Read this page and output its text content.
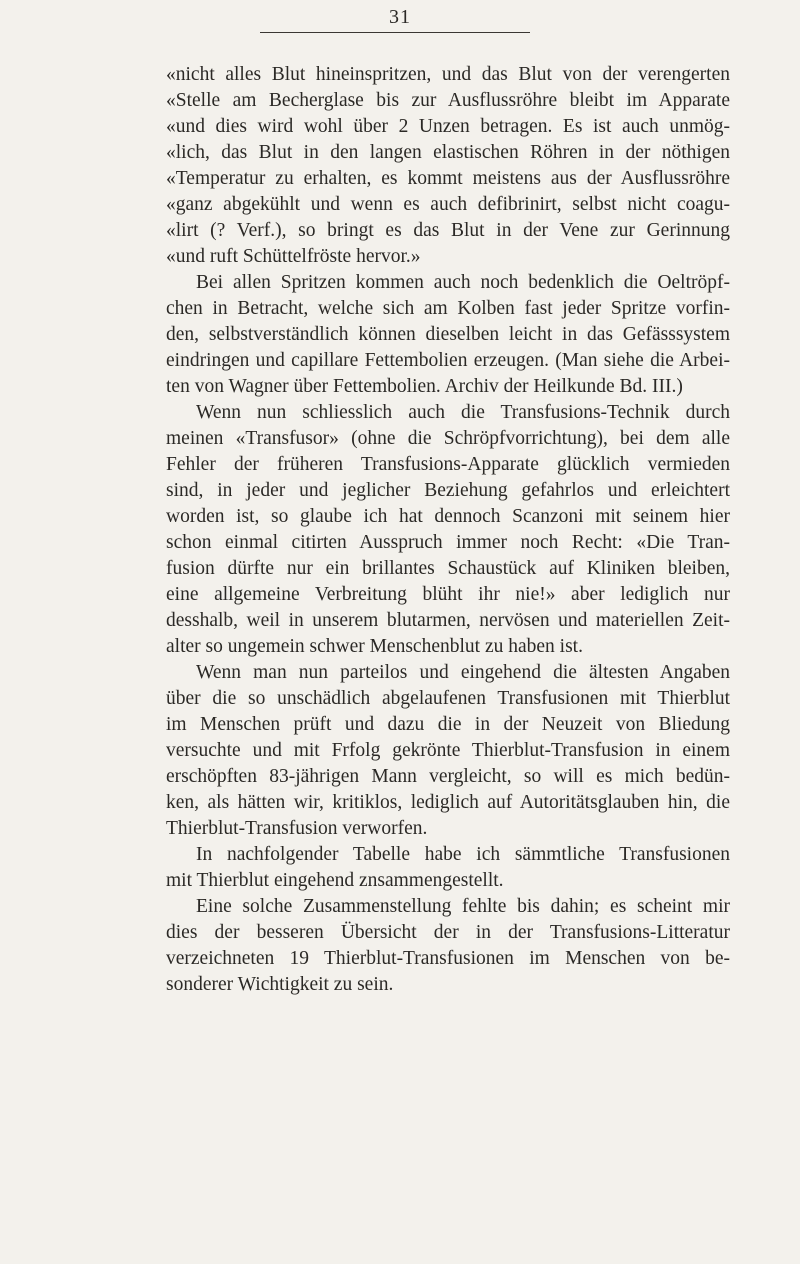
31
«nicht alles Blut hineinspritzen, und das Blut von der verengerten
«Stelle am Becherglase bis zur Ausflussröhre bleibt im Apparate
«und dies wird wohl über 2 Unzen betragen. Es ist auch unmög-
«lich, das Blut in den langen elastischen Röhren in der nöthigen
«Temperatur zu erhalten, es kommt meistens aus der Ausflussröhre
«ganz abgekühlt und wenn es auch defibrinirt, selbst nicht coagu-
«lirt (? Verf.), so bringt es das Blut in der Vene zur Gerinnung
«und ruft Schüttelfröste hervor.»
Bei allen Spritzen kommen auch noch bedenklich die Oeltröpf-
chen in Betracht, welche sich am Kolben fast jeder Spritze vorfin-
den, selbstverständlich können dieselben leicht in das Gefässsystem
eindringen und capillare Fettembolien erzeugen. (Man siehe die Arbei-
ten von Wagner über Fettembolien. Archiv der Heilkunde Bd. III.)
Wenn nun schliesslich auch die Transfusions-Technik durch
meinen «Transfusor» (ohne die Schröpfvorrichtung), bei dem alle
Fehler der früheren Transfusions-Apparate glücklich vermieden
sind, in jeder und jeglicher Beziehung gefahrlos und erleichtert
worden ist, so glaube ich hat dennoch Scanzoni mit seinem hier
schon einmal citirten Ausspruch immer noch Recht: «Die Tran-
fusion dürfte nur ein brillantes Schaustück auf Kliniken bleiben,
eine allgemeine Verbreitung blüht ihr nie!» aber lediglich nur
desshalb, weil in unserem blutarmen, nervösen und materiellen Zeit-
alter so ungemein schwer Menschenblut zu haben ist.
Wenn man nun parteilos und eingehend die ältesten Angaben
über die so unschädlich abgelaufenen Transfusionen mit Thierblut
im Menschen prüft und dazu die in der Neuzeit von Bliedung
versuchte und mit Frfolg gekrönte Thierblut-Transfusion in einem
erschöpften 83-jährigen Mann vergleicht, so will es mich bedün-
ken, als hätten wir, kritiklos, lediglich auf Autoritätsglauben hin, die
Thierblut-Transfusion verworfen.
In nachfolgender Tabelle habe ich sämmtliche Transfusionen
mit Thierblut eingehend znsammengestellt.
Eine solche Zusammenstellung fehlte bis dahin; es scheint mir
dies der besseren Übersicht der in der Transfusions-Litteratur
verzeichneten 19 Thierblut-Transfusionen im Menschen von be-
sonderer Wichtigkeit zu sein.
